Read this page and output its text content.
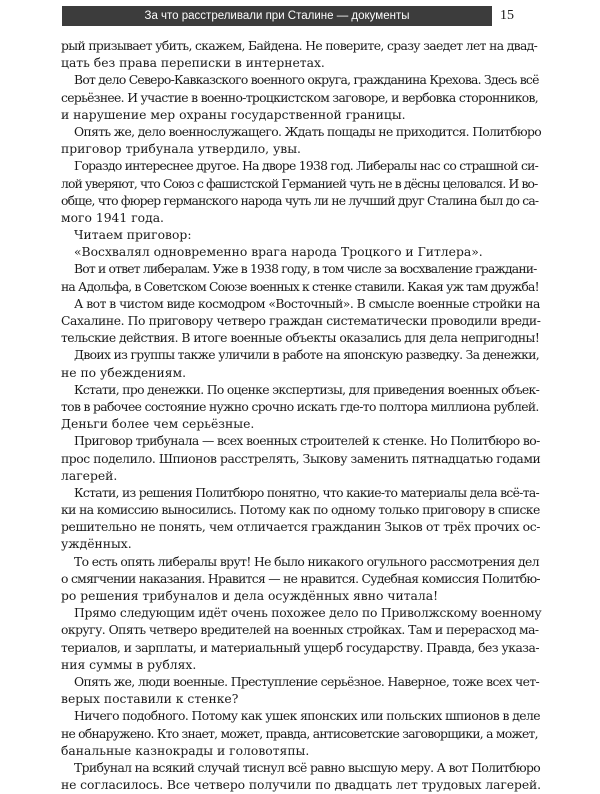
За что расстреливали при Сталине — документы	15
рый призывает убить, скажем, Байдена. Не поверите, сразу заедет лет на двад-
цать без права переписки в интернетах.
Вот дело Северо-Кавказского военного округа, гражданина Крехова. Здесь всё
серьёзнее. И участие в военно-троцкистском заговоре, и вербовка сторонников,
и нарушение мер охраны государственной границы.
Опять же, дело военнослужащего. Ждать пощады не приходится. Политбюро
приговор трибунала утвердило, увы.
Гораздо интереснее другое. На дворе 1938 год. Либералы нас со страшной си-
лой уверяют, что Союз с фашистской Германией чуть не в дёсны целовался. И во-
обще, что фюрер германского народа чуть ли не лучший друг Сталина был до са-
мого 1941 года.
Читаем приговор:
«Восхвалял одновременно врага народа Троцкого и Гитлера».
Вот и ответ либералам. Уже в 1938 году, в том числе за восхваление граждани-
на Адольфа, в Советском Союзе военных к стенке ставили. Какая уж там дружба!
А вот в чистом виде космодром «Восточный». В смысле военные стройки на
Сахалине. По приговору четверо граждан систематически проводили вреди-
тельские действия. В итоге военные объекты оказались для дела непригодны!
Двоих из группы также уличили в работе на японскую разведку. За денежки,
не по убеждениям.
Кстати, про денежки. По оценке экспертизы, для приведения военных объек-
тов в рабочее состояние нужно срочно искать где-то полтора миллиона рублей.
Деньги более чем серьёзные.
Приговор трибунала — всех военных строителей к стенке. Но Политбюро во-
прос поделило. Шпионов расстрелять, Зыкову заменить пятнадцатью годами
лагерей.
Кстати, из решения Политбюро понятно, что какие-то материалы дела всё-та-
ки на комиссию выносились. Потому как по одному только приговору в списке
решительно не понять, чем отличается гражданин Зыков от трёх прочих ос-
уждённых.
То есть опять либералы врут! Не было никакого огульного рассмотрения дел
о смягчении наказания. Нравится — не нравится. Судебная комиссия Политбю-
ро решения трибуналов и дела осуждённых явно читала!
Прямо следующим идёт очень похожее дело по Приволжскому военному
округу. Опять четверо вредителей на военных стройках. Там и перерасход ма-
териалов, и зарплаты, и материальный ущерб государству. Правда, без указа-
ния суммы в рублях.
Опять же, люди военные. Преступление серьёзное. Наверное, тоже всех чет-
верых поставили к стенке?
Ничего подобного. Потому как ушек японских или польских шпионов в деле
не обнаружено. Кто знает, может, правда, антисоветские заговорщики, а может,
банальные казнокрады и головотяпы.
Трибунал на всякий случай тиснул всё равно высшую меру. А вот Политбюро
не согласилось. Все четверо получили по двадцать лет трудовых лагерей.
